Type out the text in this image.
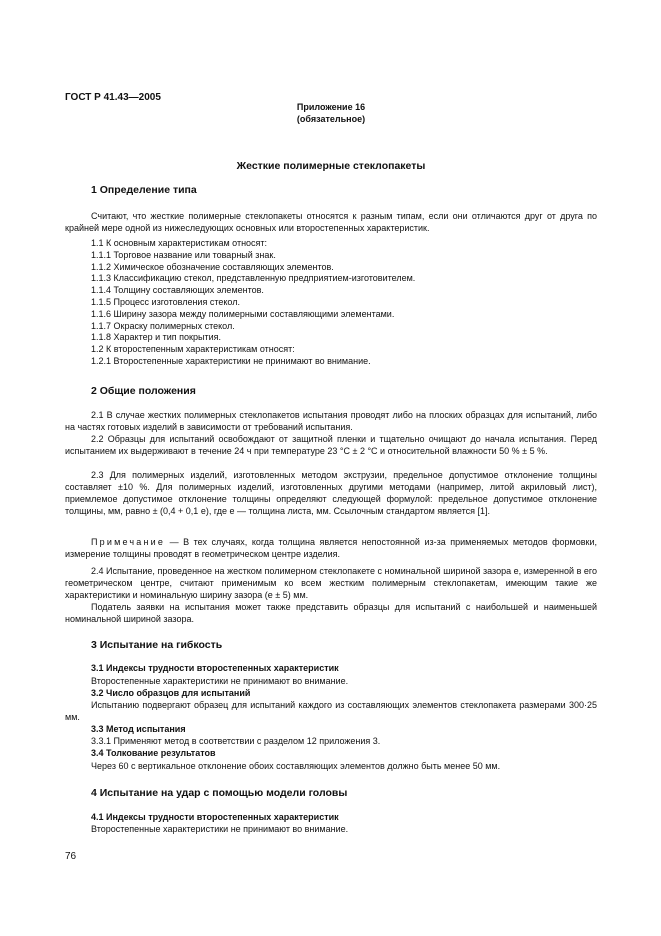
ГОСТ Р 41.43—2005
Приложение 16
(обязательное)
Жесткие полимерные стеклопакеты
1 Определение типа
Считают, что жесткие полимерные стеклопакеты относятся к разным типам, если они отличаются друг от друга по крайней мере одной из нижеследующих основных или второстепенных характеристик.
1.1 К основным характеристикам относят:
1.1.1 Торговое название или товарный знак.
1.1.2 Химическое обозначение составляющих элементов.
1.1.3 Классификацию стекол, представленную предприятием-изготовителем.
1.1.4 Толщину составляющих элементов.
1.1.5 Процесс изготовления стекол.
1.1.6 Ширину зазора между полимерными составляющими элементами.
1.1.7 Окраску полимерных стекол.
1.1.8 Характер и тип покрытия.
1.2 К второстепенным характеристикам относят:
1.2.1 Второстепенные характеристики не принимают во внимание.
2 Общие положения
2.1 В случае жестких полимерных стеклопакетов испытания проводят либо на плоских образцах для испытаний, либо на частях готовых изделий в зависимости от требований испытания.
2.2 Образцы для испытаний освобождают от защитной пленки и тщательно очищают до начала испытания. Перед испытанием их выдерживают в течение 24 ч при температуре 23 °С ± 2 °С и относительной влажности 50 % ± 5 %.
2.3 Для полимерных изделий, изготовленных методом экструзии, предельное допустимое отклонение толщины составляет ±10 %. Для полимерных изделий, изготовленных другими методами (например, литой акриловый лист), приемлемое допустимое отклонение толщины определяют следующей формулой: предельное допустимое отклонение толщины, мм, равно ± (0,4 + 0,1 e), где e — толщина листа, мм. Ссылочным стандартом является [1].
Примечание — В тех случаях, когда толщина является непостоянной из-за применяемых методов формовки, измерение толщины проводят в геометрическом центре изделия.
2.4 Испытание, проведенное на жестком полимерном стеклопакете с номинальной шириной зазора e, измеренной в его геометрическом центре, считают применимым ко всем жестким полимерным стеклопакетам, имеющим такие же характеристики и номинальную ширину зазора (e ± 5) мм.
Податель заявки на испытания может также представить образцы для испытаний с наибольшей и наименьшей номинальной шириной зазора.
3 Испытание на гибкость
3.1 Индексы трудности второстепенных характеристик
Второстепенные характеристики не принимают во внимание.
3.2 Число образцов для испытаний
Испытанию подвергают образец для испытаний каждого из составляющих элементов стеклопакета размерами 300·25 мм.
3.3 Метод испытания
3.3.1 Применяют метод в соответствии с разделом 12 приложения 3.
3.4 Толкование результатов
Через 60 с вертикальное отклонение обоих составляющих элементов должно быть менее 50 мм.
4 Испытание на удар с помощью модели головы
4.1 Индексы трудности второстепенных характеристик
Второстепенные характеристики не принимают во внимание.
76
